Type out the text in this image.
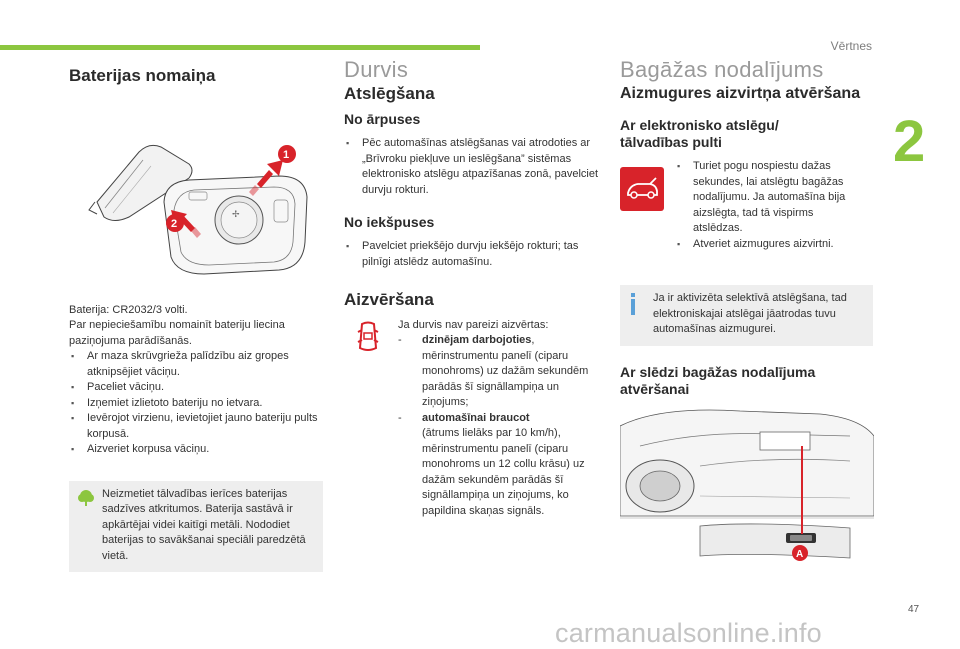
Vērtnes
2
Baterijas nomaiņa
✢
1
2
Baterija: CR2032/3 volti.
Par nepieciešamību nomainīt bateriju liecina paziņojuma parādīšanās.
▪ Ar maza skrūvgrieža palīdzību aiz gropes atknipsējiet vāciņu.
▪ Paceliet vāciņu.
▪ Izņemiet izlietoto bateriju no ietvara.
▪ Ievērojot virzienu, ievietojiet jauno bateriju pults korpusā.
▪ Aizveriet korpusa vāciņu.
Neizmetiet tālvadības ierīces baterijas sadzīves atkritumos. Baterija sastāvā ir apkārtējai videi kaitīgi metāli. Nododiet baterijas to savākšanai speciāli paredzētā vietā.
Durvis
Atslēgšana
No ārpuses
▪ Pēc automašīnas atslēgšanas vai atrodoties ar „Brīvroku piekļuve un ieslēgšana” sistēmas elektronisko atslēgu atpazīšanas zonā, pavelciet durvju rokturi.
No iekšpuses
▪ Pavelciet priekšējo durvju iekšējo rokturi; tas pilnīgi atslēdz automašīnu.
Aizvēršana
Ja durvis nav pareizi aizvērtas:
- dzinējam darbojoties, mērinstrumentu panelī (ciparu monohroms) uz dažām sekundēm parādās šī signāllampiņa un ziņojums;
- automašīnai braucot
(ātrums lielāks par 10 km/h), mērinstrumentu panelī (ciparu monohroms un 12 collu krāsu) uz dažām sekundēm parādās šī signāllampiņa un ziņojums, ko papildina skaņas signāls.
Bagāžas nodalījums
Aizmugures aizvirtņa atvēršana
Ar elektronisko atslēgu/ tālvadības pulti
▪ Turiet pogu nospiestu dažas sekundes, lai atslēgtu bagāžas nodalījumu. Ja automašīna bija aizslēgta, tad tā vispirms atslēdzas.
▪ Atveriet aizmugures aizvirtni.
Ja ir aktivizēta selektīvā atslēgšana, tad elektroniskajai atslēgai jāatrodas tuvu automašīnas aizmugurei.
Ar slēdzi bagāžas nodalījuma atvēršanai
A
47
carmanualsonline.info
